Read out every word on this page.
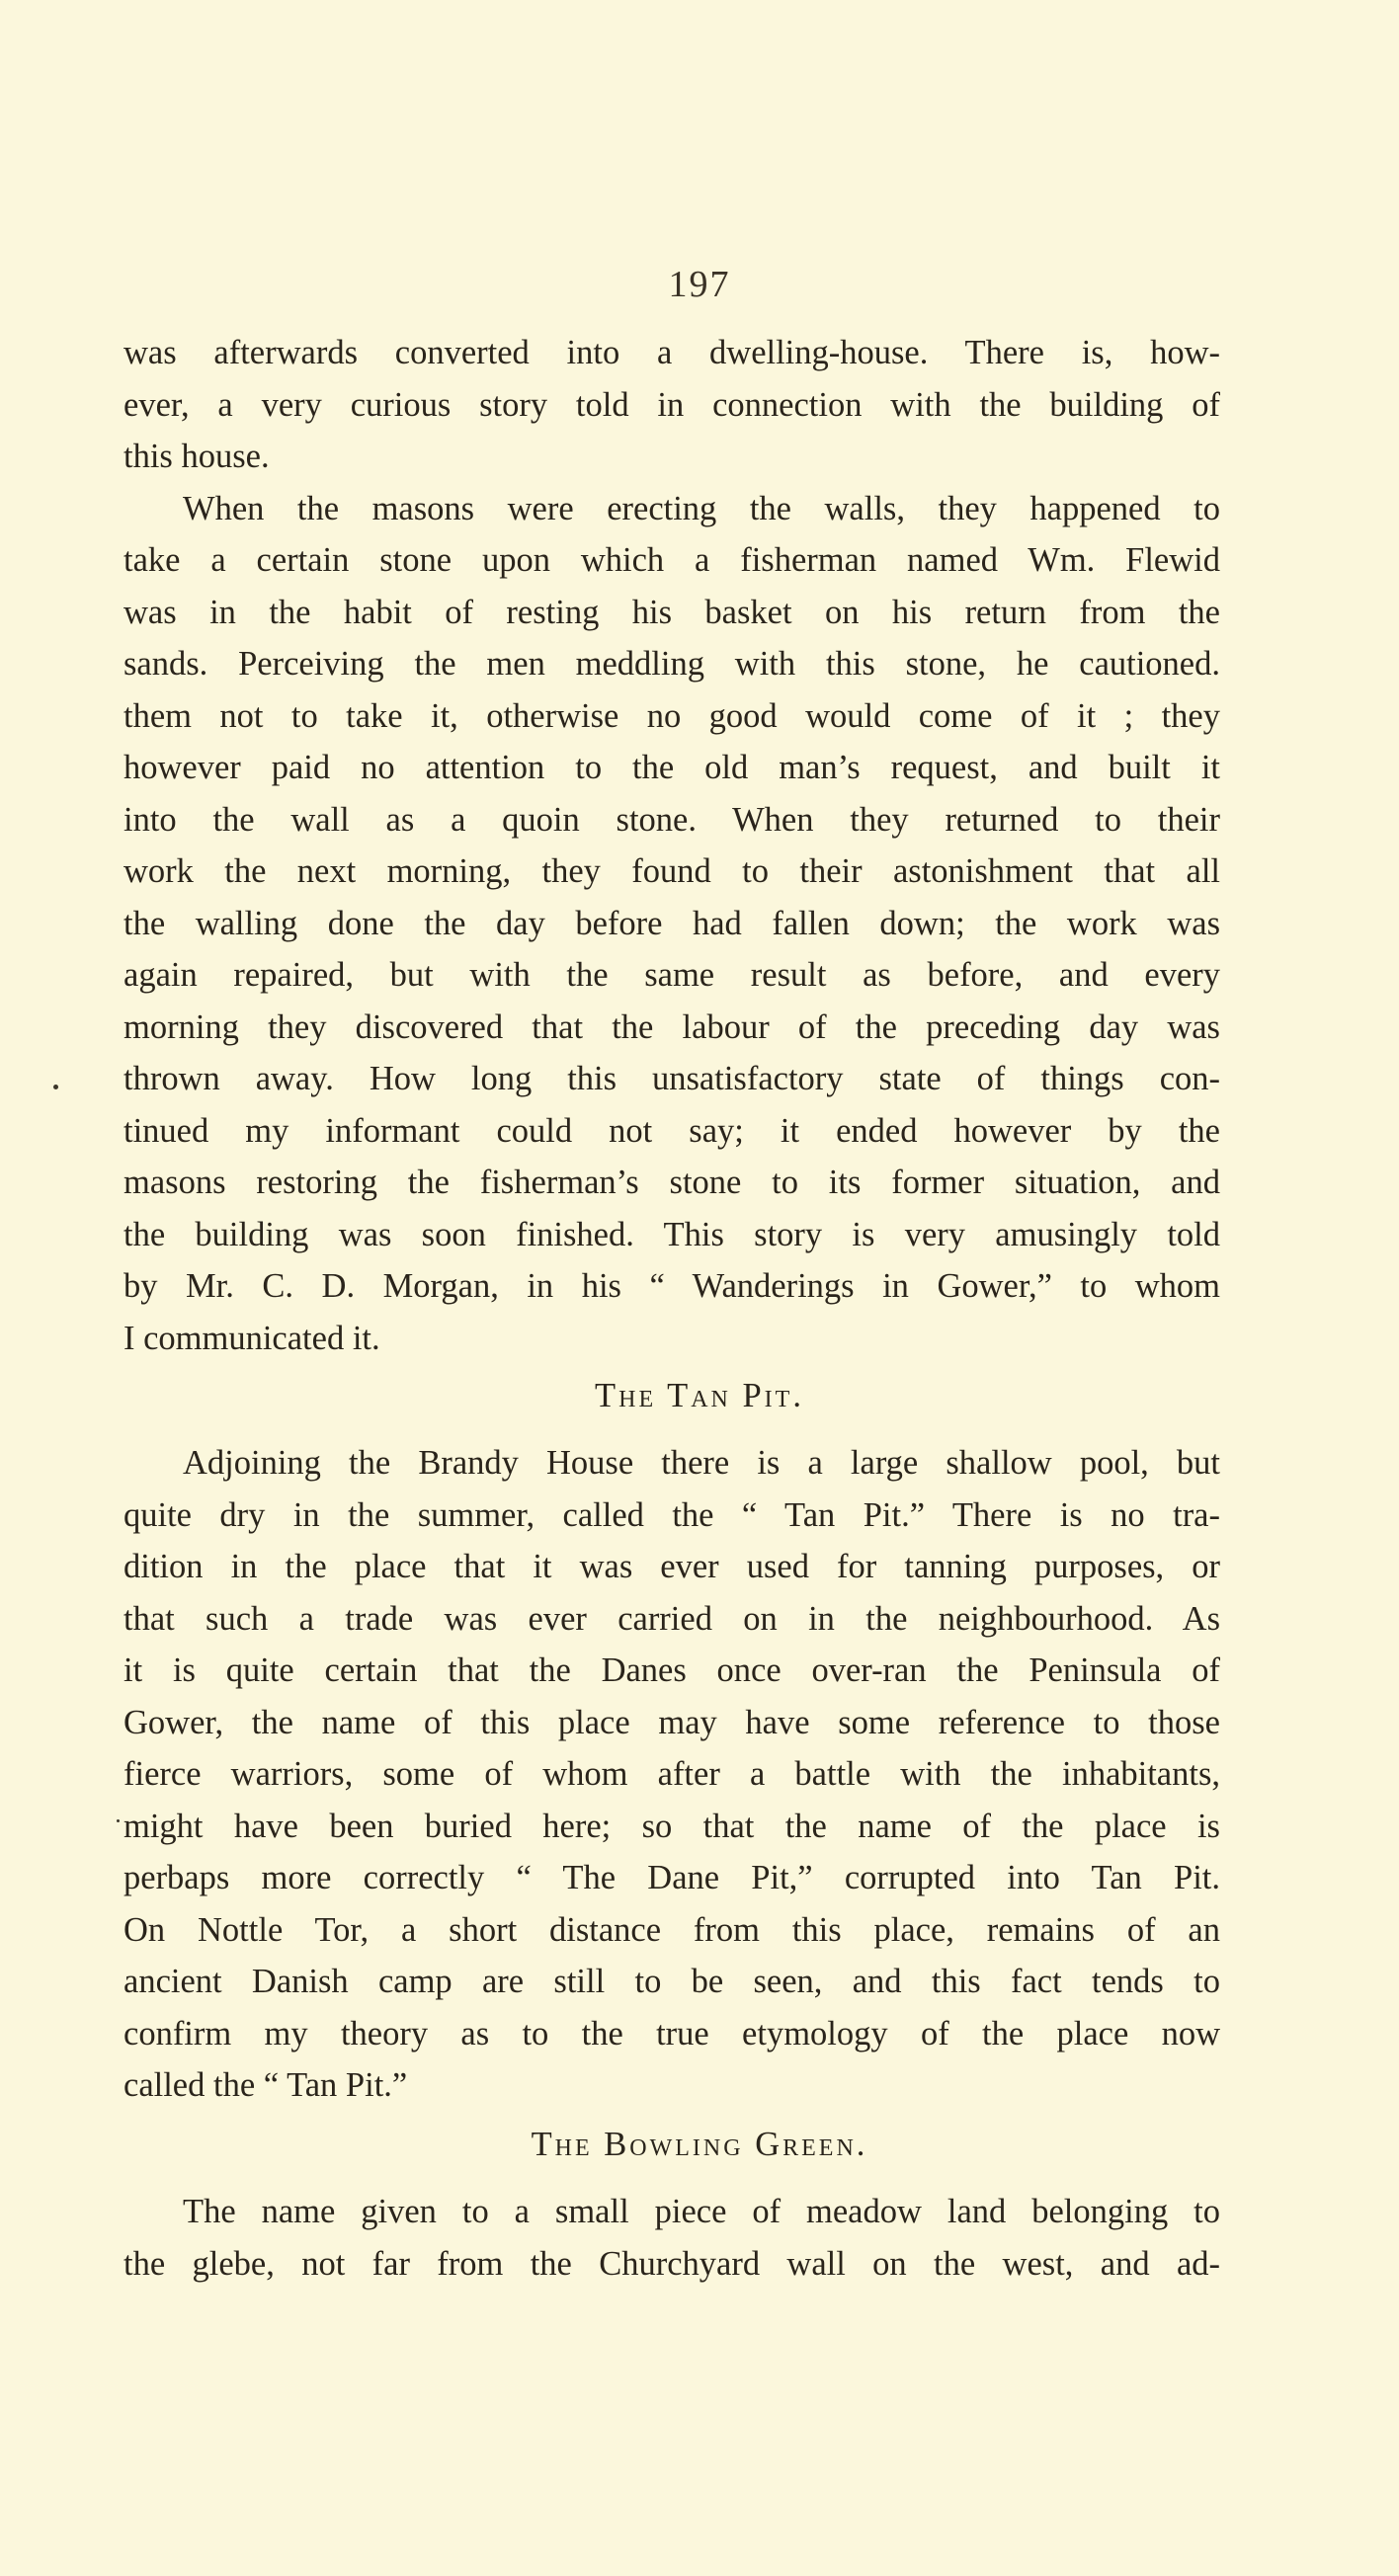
197
was afterwards converted into a dwelling-house. There is, how-
ever, a very curious story told in connection with the building of
this house.
When the masons were erecting the walls, they happened to
take a certain stone upon which a fisherman named Wm. Flewid
was in the habit of resting his basket on his return from the
sands. Perceiving the men meddling with this stone, he cautioned.
them not to take it, otherwise no good would come of it ; they
however paid no attention to the old man’s request, and built it
into the wall as a quoin stone. When they returned to their
work the next morning, they found to their astonishment that all
the walling done the day before had fallen down; the work was
again repaired, but with the same result as before, and every
morning they discovered that the labour of the preceding day was
thrown away. How long this unsatisfactory state of things con-
tinued my informant could not say; it ended however by the
masons restoring the fisherman’s stone to its former situation, and
the building was soon finished. This story is very amusingly told
by Mr. C. D. Morgan, in his “ Wanderings in Gower,” to whom
I communicated it.
The Tan Pit.
Adjoining the Brandy House there is a large shallow pool, but
quite dry in the summer, called the “ Tan Pit.” There is no tra-
dition in the place that it was ever used for tanning purposes, or
that such a trade was ever carried on in the neighbourhood. As
it is quite certain that the Danes once over-ran the Peninsula of
Gower, the name of this place may have some reference to those
fierce warriors, some of whom after a battle with the inhabitants,
might have been buried here; so that the name of the place is
perbaps more correctly “ The Dane Pit,” corrupted into Tan Pit.
On Nottle Tor, a short distance from this place, remains of an
ancient Danish camp are still to be seen, and this fact tends to
confirm my theory as to the true etymology of the place now
called the “ Tan Pit.”
The Bowling Green.
The name given to a small piece of meadow land belonging to
the glebe, not far from the Churchyard wall on the west, and ad-
